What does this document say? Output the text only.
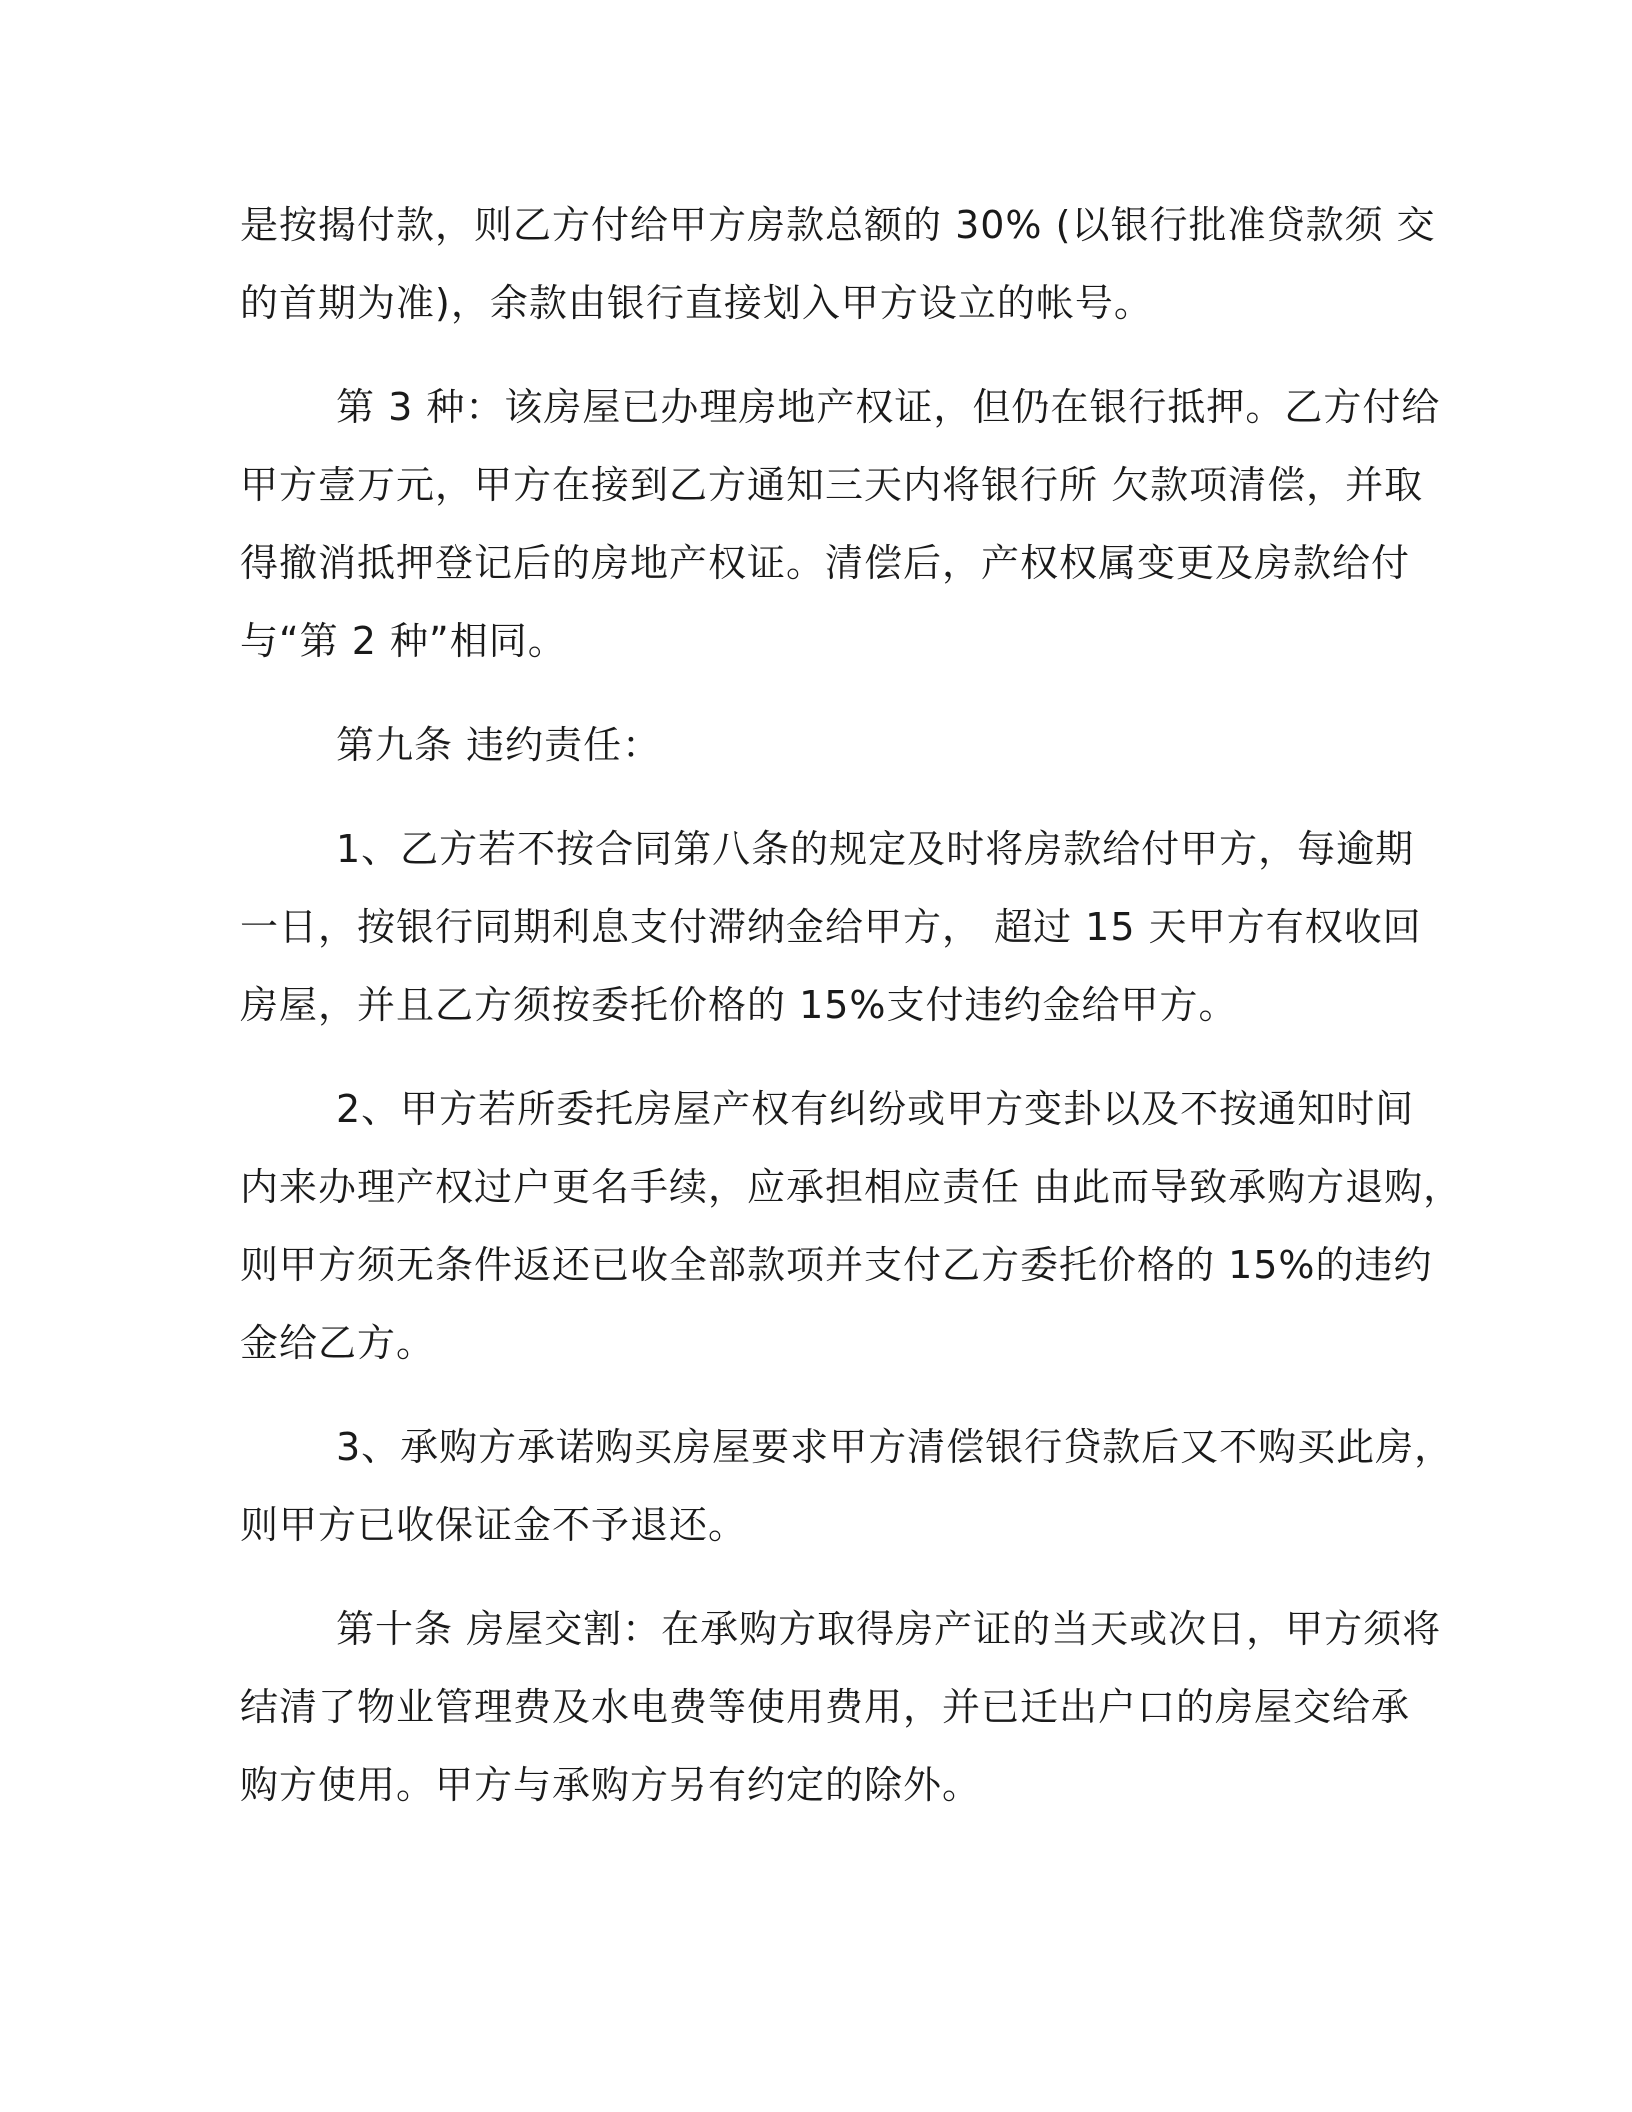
是按揭付款，则乙方付给甲方房款总额的 30% (以银行批准贷款须 交
的首期为准)，余款由银行直接划入甲方设立的帐号。
第 3 种：该房屋已办理房地产权证，但仍在银行抵押。乙方付给
甲方壹万元，甲方在接到乙方通知三天内将银行所 欠款项清偿，并取
得撤消抵押登记后的房地产权证。清偿后，产权权属变更及房款给付
与“第 2 种”相同。
第九条 违约责任：
1、乙方若不按合同第八条的规定及时将房款给付甲方，每逾期
一日，按银行同期利息支付滞纳金给甲方， 超过 15 天甲方有权收回
房屋，并且乙方须按委托价格的 15%支付违约金给甲方。
2、甲方若所委托房屋产权有纠纷或甲方变卦以及不按通知时间
内来办理产权过户更名手续，应承担相应责任 由此而导致承购方退购，
则甲方须无条件返还已收全部款项并支付乙方委托价格的 15%的违约
金给乙方。
3、承购方承诺购买房屋要求甲方清偿银行贷款后又不购买此房，
则甲方已收保证金不予退还。
第十条 房屋交割：在承购方取得房产证的当天或次日，甲方须将
结清了物业管理费及水电费等使用费用，并已迁出户口的房屋交给承
购方使用。甲方与承购方另有约定的除外。
